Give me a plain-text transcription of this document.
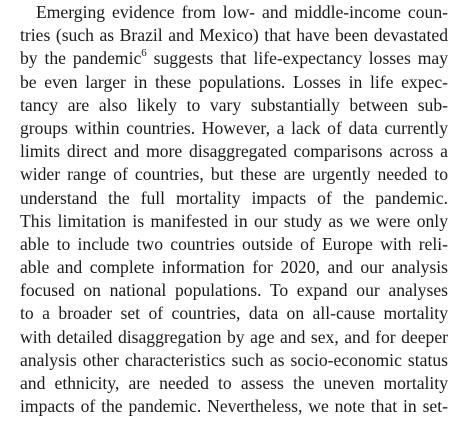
Emerging evidence from low- and middle-income coun-
tries (such as Brazil and Mexico) that have been devastated
by the pandemic$^6$ suggests that life-expectancy losses may
be even larger in these populations. Losses in life expec-
tancy are also likely to vary substantially between sub-
groups within countries. However, a lack of data currently
limits direct and more disaggregated comparisons across a
wider range of countries, but these are urgently needed to
understand the full mortality impacts of the pandemic.
This limitation is manifested in our study as we were only
able to include two countries outside of Europe with reli-
able and complete information for 2020, and our analysis
focused on national populations. To expand our analyses
to a broader set of countries, data on all-cause mortality
with detailed disaggregation by age and sex, and for deeper
analysis other characteristics such as socio-economic status
and ethnicity, are needed to assess the uneven mortality
impacts of the pandemic. Nevertheless, we note that in set-
